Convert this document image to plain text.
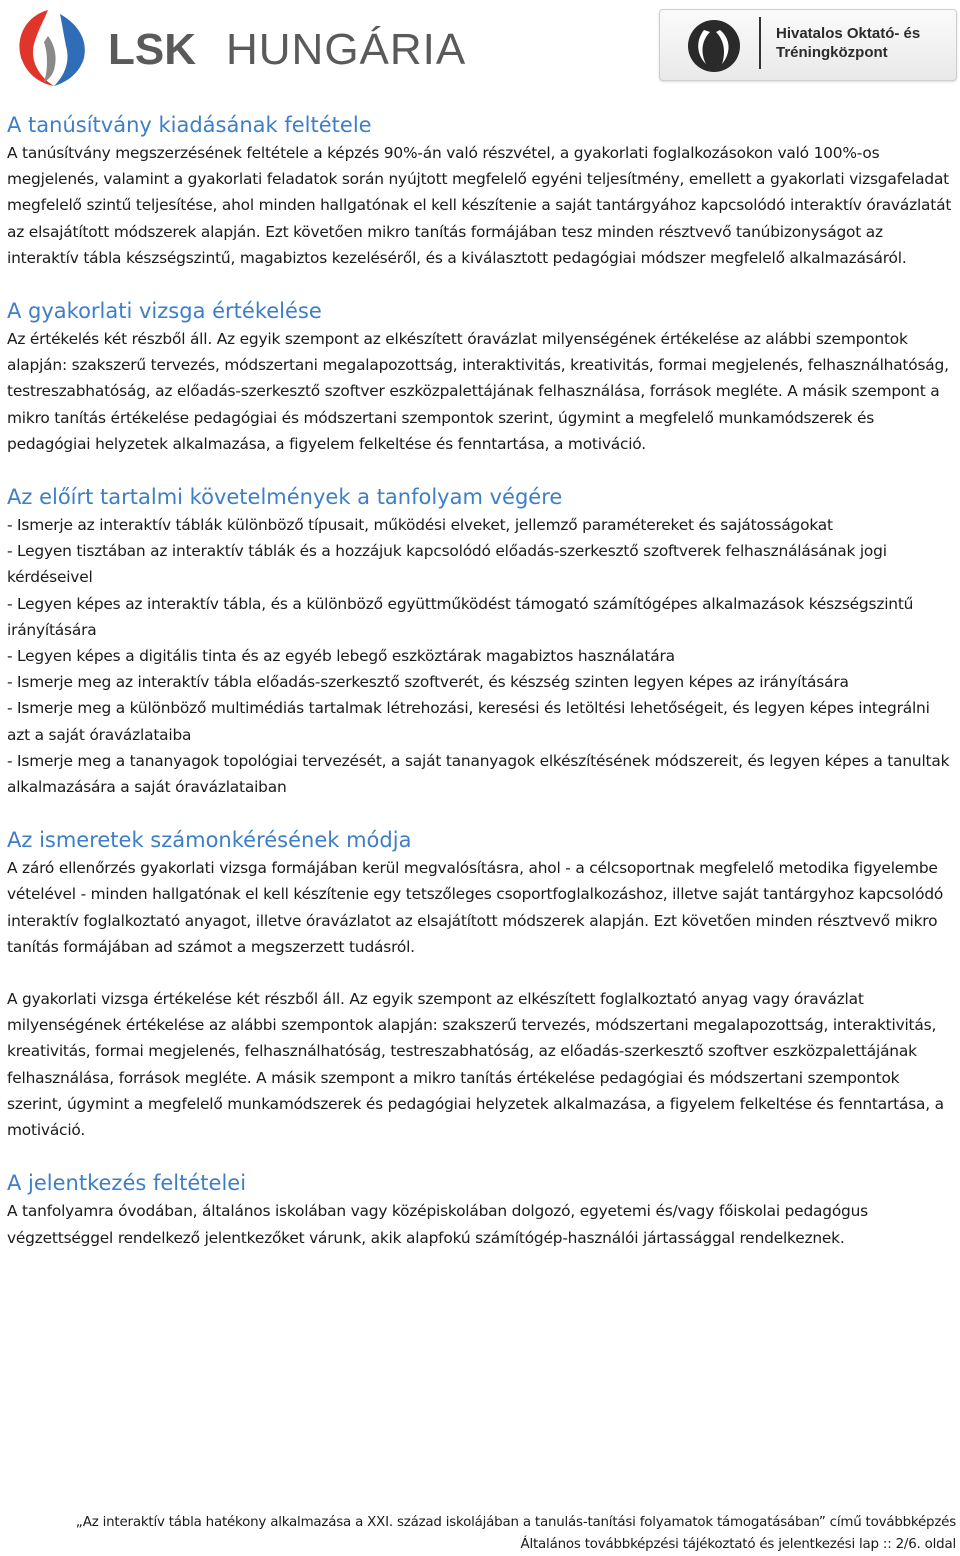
LSK HUNGÁRIA	Hivatalos Oktató- és
Tréningközpont
A tanúsítvány kiadásának feltétele

A tanúsítvány megszerzésének feltétele a képzés 90%-án való részvétel, a gyakorlati foglalkozásokon való 100%-os megjelenés, valamint a gyakorlati feladatok során nyújtott megfelelő egyéni teljesítmény, emellett a gyakorlati vizsgafeladat megfelelő szintű teljesítése, ahol minden hallgatónak el kell készítenie a saját tantárgyához kapcsolódó interaktív óravázlatát az elsajátított módszerek alapján. Ezt követően mikro tanítás formájában tesz minden résztvevő tanúbizonyságot az interaktív tábla készségszintű, magabiztos kezeléséről, és a kiválasztott pedagógiai módszer megfelelő alkalmazásáról.

A gyakorlati vizsga értékelése

Az értékelés két részből áll. Az egyik szempont az elkészített óravázlat milyenségének értékelése az alábbi szempontok alapján: szakszerű tervezés, módszertani megalapozottság, interaktivitás, kreativitás, formai megjelenés, felhasználhatóság, testreszabhatóság, az előadás-szerkesztő szoftver eszközpalettájának felhasználása, források megléte. A másik szempont a mikro tanítás értékelése pedagógiai és módszertani szempontok szerint, úgymint a megfelelő munkamódszerek és pedagógiai helyzetek alkalmazása, a figyelem felkeltése és fenntartása, a motiváció.

Az előírt tartalmi követelmények a tanfolyam végére

- Ismerje az interaktív táblák különböző típusait, működési elveket, jellemző paramétereket és sajátosságokat

- Legyen tisztában az interaktív táblák és a hozzájuk kapcsolódó előadás-szerkesztő szoftverek felhasználásának jogi kérdéseivel

- Legyen képes az interaktív tábla, és a különböző együttműködést támogató számítógépes alkalmazások készségszintű irányítására

- Legyen képes a digitális tinta és az egyéb lebegő eszköztárak magabiztos használatára

- Ismerje meg az interaktív tábla előadás-szerkesztő szoftverét, és készség szinten legyen képes az irányítására

- Ismerje meg a különböző multimédiás tartalmak létrehozási, keresési és letöltési lehetőségeit, és legyen képes integrálni azt a saját óravázlataiba

- Ismerje meg a tananyagok topológiai tervezését, a saját tananyagok elkészítésének módszereit, és legyen képes a tanultak alkalmazására a saját óravázlataiban

Az ismeretek számonkérésének módja

A záró ellenőrzés gyakorlati vizsga formájában kerül megvalósításra, ahol - a célcsoportnak megfelelő metodika figyelembe vételével - minden hallgatónak el kell készítenie egy tetszőleges csoportfoglalkozáshoz, illetve saját tantárgyhoz kapcsolódó interaktív foglalkoztató anyagot, illetve óravázlatot az elsajátított módszerek alapján. Ezt követően minden résztvevő mikro tanítás formájában ad számot a megszerzett tudásról.

A gyakorlati vizsga értékelése két részből áll. Az egyik szempont az elkészített foglalkoztató anyag vagy óravázlat milyenségének értékelése az alábbi szempontok alapján: szakszerű tervezés, módszertani megalapozottság, interaktivitás, kreativitás, formai megjelenés, felhasználhatóság, testreszabhatóság, az előadás-szerkesztő szoftver eszközpalettájának felhasználása, források megléte. A másik szempont a mikro tanítás értékelése pedagógiai és módszertani szempontok szerint, úgymint a megfelelő munkamódszerek és pedagógiai helyzetek alkalmazása, a figyelem felkeltése és fenntartása, a motiváció.

A jelentkezés feltételei

A tanfolyamra óvodában, általános iskolában vagy középiskolában dolgozó, egyetemi és/vagy főiskolai pedagógus végzettséggel rendelkező jelentkezőket várunk, akik alapfokú számítógép-használói jártassággal rendelkeznek.

„Az interaktív tábla hatékony alkalmazása a XXI. század iskolájában a tanulás-tanítási folyamatok támogatásában” című továbbképzés
Általános továbbképzési tájékoztató és jelentkezési lap :: 2/6. oldal
